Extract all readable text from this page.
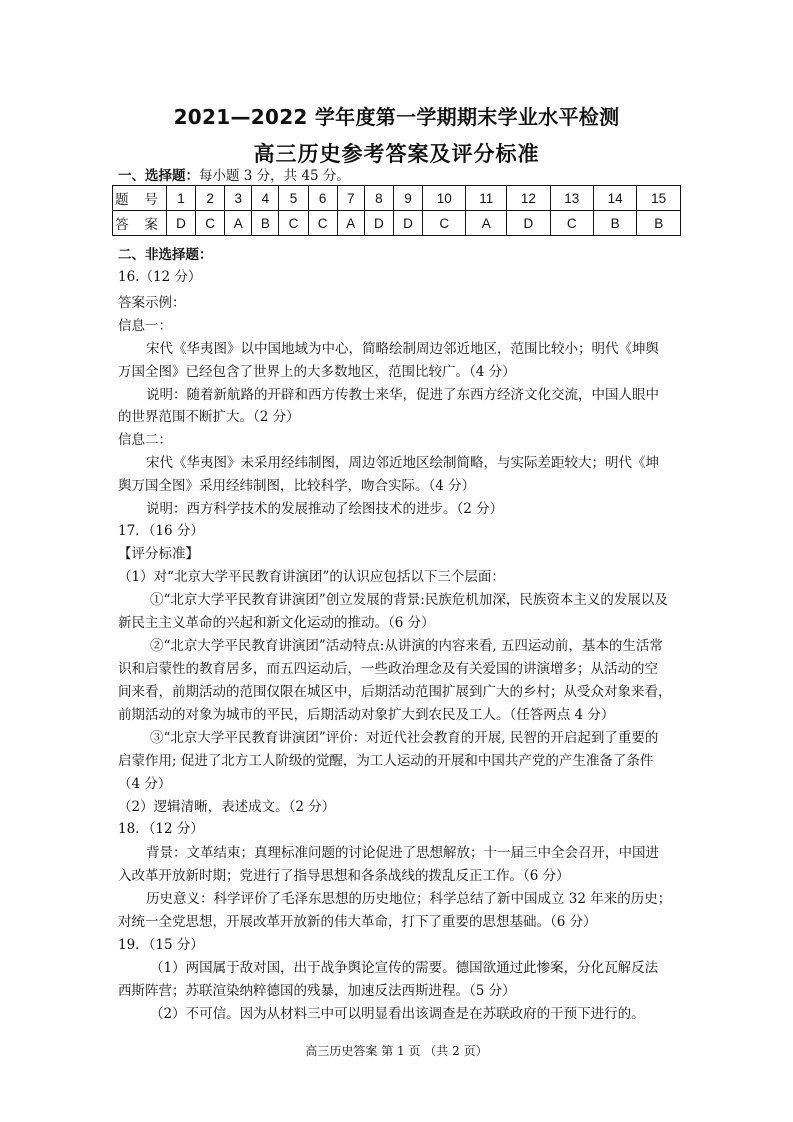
2021—2022 学年度第一学期期末学业水平检测
高三历史参考答案及评分标准
一、选择题：每小题 3 分，共 45 分。
题 号	1	2	3	4	5	6	7	8	9	10	11	12	13	14	15
答 案	D	C	A	B	C	C	A	D	D	C	A	D	C	B	B
二、非选择题：
16.（12 分）
答案示例：
信息一：
宋代《华夷图》以中国地域为中心，简略绘制周边邻近地区，范围比较小；明代《坤舆
万国全图》已经包含了世界上的大多数地区，范围比较广。（4 分）
说明：随着新航路的开辟和西方传教士来华，促进了东西方经济文化交流，中国人眼中
的世界范围不断扩大。（2 分）
信息二：
宋代《华夷图》未采用经纬制图，周边邻近地区绘制简略，与实际差距较大；明代《坤
舆万国全图》采用经纬制图，比较科学，吻合实际。（4 分）
说明：西方科学技术的发展推动了绘图技术的进步。（2 分）
17．（16 分）
【评分标准】
（1）对“北京大学平民教育讲演团”的认识应包括以下三个层面：
①“北京大学平民教育讲演团”创立发展的背景:民族危机加深，民族资本主义的发展以及
新民主主义革命的兴起和新文化运动的推动。（6 分）
②“北京大学平民教育讲演团”活动特点:从讲演的内容来看, 五四运动前，基本的生活常
识和启蒙性的教育居多，而五四运动后，一些政治理念及有关爱国的讲演增多；从活动的空
间来看，前期活动的范围仅限在城区中，后期活动范围扩展到广大的乡村；从受众对象来看，
前期活动的对象为城市的平民，后期活动对象扩大到农民及工人。（任答两点 4 分）
③“北京大学平民教育讲演团”评价：对近代社会教育的开展, 民智的开启起到了重要的
启蒙作用; 促进了北方工人阶级的觉醒，为工人运动的开展和中国共产党的产生准备了条件
（4 分）
（2）逻辑清晰，表述成文。（2 分）
18．（12 分）
背景：文革结束；真理标准问题的讨论促进了思想解放；十一届三中全会召开，中国进
入改革开放新时期；党进行了指导思想和各条战线的拨乱反正工作。（6 分）
历史意义：科学评价了毛泽东思想的历史地位；科学总结了新中国成立 32 年来的历史；
对统一全党思想，开展改革开放新的伟大革命，打下了重要的思想基础。（6 分）
19．（15 分）
（1）两国属于敌对国，出于战争舆论宣传的需要。德国欲通过此惨案，分化瓦解反法
西斯阵营；苏联渲染纳粹德国的残暴，加速反法西斯进程。（5 分）
（2）不可信。因为从材料三中可以明显看出该调查是在苏联政府的干预下进行的。
高三历史答案 第 1 页 （共 2 页）
